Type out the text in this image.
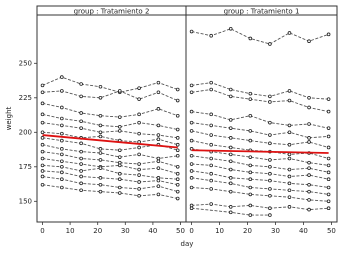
group : Tratamiento 2
0	10	20	30	40	50
group : Tratamiento 1
0	10	20	30	40	50
150
175
200
225
250
day
weight
